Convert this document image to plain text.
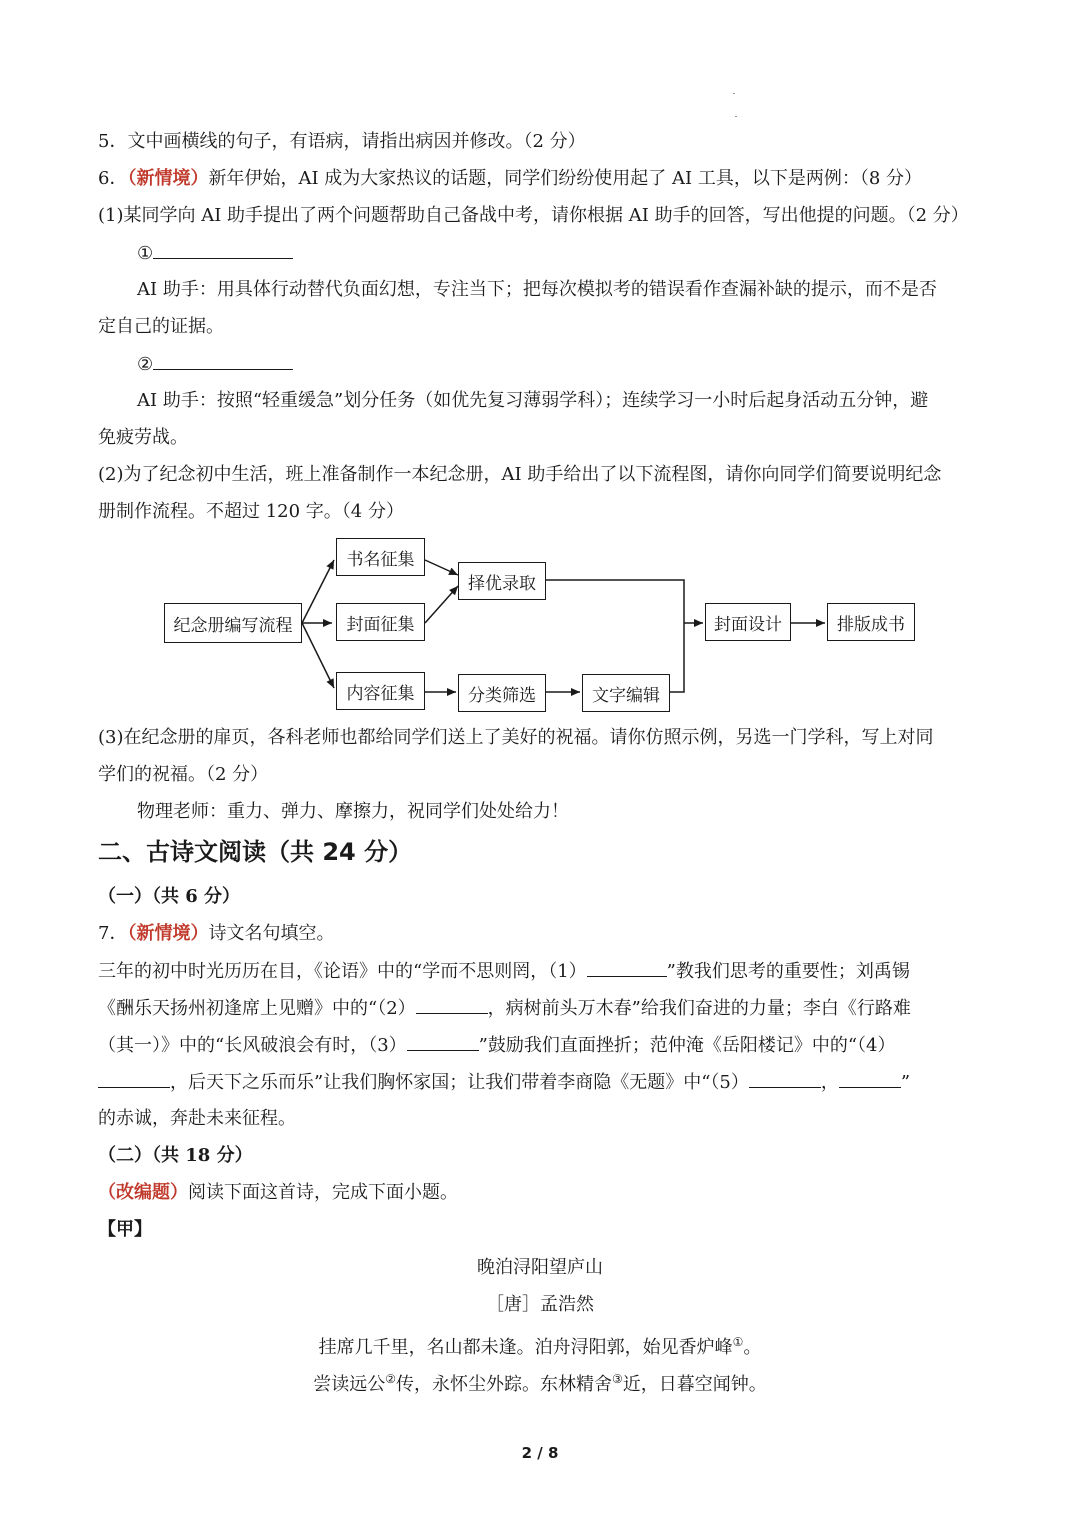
5．文中画横线的句子，有语病，请指出病因并修改。（2 分）
6．（新情境）新年伊始，AI 成为大家热议的话题，同学们纷纷使用起了 AI 工具，以下是两例：（8 分）
(1)某同学向 AI 助手提出了两个问题帮助自己备战中考，请你根据 AI 助手的回答，写出他提的问题。（2 分）
①
AI 助手：用具体行动替代负面幻想，专注当下；把每次模拟考的错误看作查漏补缺的提示，而不是否
定自己的证据。
②
AI 助手：按照“轻重缓急”划分任务（如优先复习薄弱学科）；连续学习一小时后起身活动五分钟，避
免疲劳战。
(2)为了纪念初中生活，班上准备制作一本纪念册，AI 助手给出了以下流程图，请你向同学们简要说明纪念
册制作流程。不超过 120 字。（4 分）
纪念册编写流程
书名征集
封面征集
内容征集
择优录取
分类筛选	文字编辑
封面设计	排版成书
(3)在纪念册的扉页，各科老师也都给同学们送上了美好的祝福。请你仿照示例，另选一门学科，写上对同
学们的祝福。（2 分）
物理老师：重力、弹力、摩擦力，祝同学们处处给力！
二、古诗文阅读（共 24 分）
（一）（共 6 分）
7．（新情境）诗文名句填空。
三年的初中时光历历在目，《论语》中的“学而不思则罔，（1）	”教我们思考的重要性；刘禹锡
《酬乐天扬州初逢席上见赠》中的“（2）	，病树前头万木春”给我们奋进的力量；李白《行路难
（其一）》中的“长风破浪会有时，（3）	”鼓励我们直面挫折；范仲淹《岳阳楼记》中的“（4）
，后天下之乐而乐”让我们胸怀家国；让我们带着李商隐《无题》中“（5）	，	”
的赤诚，奔赴未来征程。
（二）（共 18 分）
（改编题）阅读下面这首诗，完成下面小题。
【甲】
晚泊浔阳望庐山
［唐］孟浩然
挂席几千里，名山都未逢。泊舟浔阳郭，始见香炉峰①。
尝读远公②传，永怀尘外踪。东林精舍③近，日暮空闻钟。
2 / 8
